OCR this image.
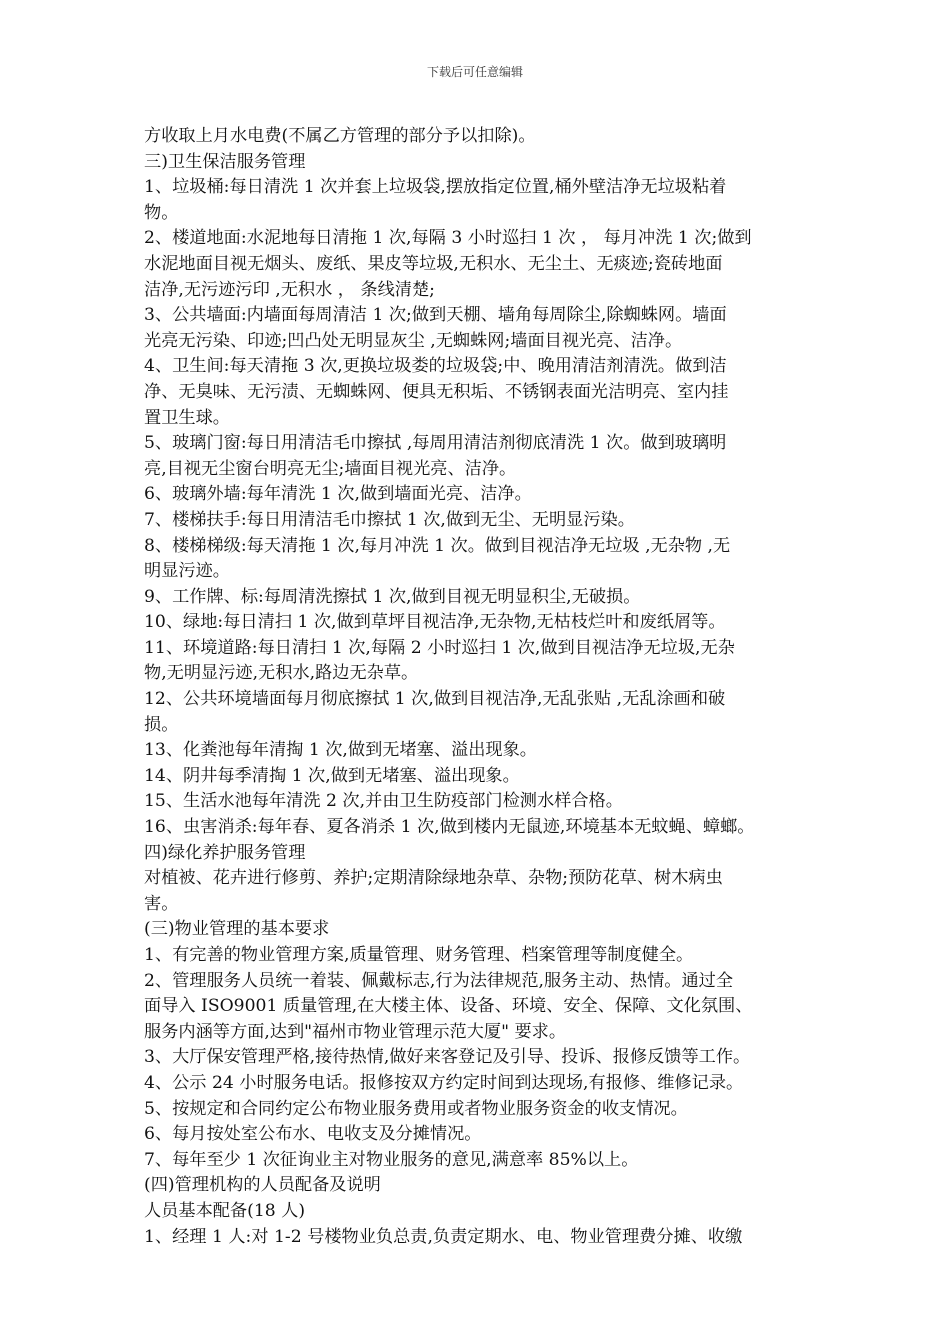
下载后可任意编辑
方收取上月水电费(不属乙方管理的部分予以扣除)。
三)卫生保洁服务管理
1、垃圾桶:每日清洗 1 次并套上垃圾袋,摆放指定位置,桶外壁洁净无垃圾粘着
物。
2、楼道地面:水泥地每日清拖 1 次,每隔 3 小时巡扫 1 次 ， 每月冲洗 1 次;做到
水泥地面目视无烟头、废纸、果皮等垃圾,无积水、无尘土、无痰迹;瓷砖地面
洁净,无污迹污印 ,无积水 ， 条线清楚;
3、公共墙面:内墙面每周清洁 1 次;做到天棚、墙角每周除尘,除蜘蛛网。墙面
光亮无污染、印迹;凹凸处无明显灰尘 ,无蜘蛛网;墙面目视光亮、洁净。
4、卫生间:每天清拖 3 次,更换垃圾娄的垃圾袋;中、晚用清洁剂清洗。做到洁
净、无臭味、无污渍、无蜘蛛网、便具无积垢、不锈钢表面光洁明亮、室内挂
置卫生球。
5、玻璃门窗:每日用清洁毛巾擦拭 ,每周用清洁剂彻底清洗 1 次。做到玻璃明
亮,目视无尘窗台明亮无尘;墙面目视光亮、洁净。
6、玻璃外墙:每年清洗 1 次,做到墙面光亮、洁净。
7、楼梯扶手:每日用清洁毛巾擦拭 1 次,做到无尘、无明显污染。
8、楼梯梯级:每天清拖 1 次,每月冲洗 1 次。做到目视洁净无垃圾 ,无杂物 ,无
明显污迹。
9、工作牌、标:每周清洗擦拭 1 次,做到目视无明显积尘,无破损。
10、绿地:每日清扫 1 次,做到草坪目视洁净,无杂物,无枯枝烂叶和废纸屑等。
11、环境道路:每日清扫 1 次,每隔 2 小时巡扫 1 次,做到目视洁净无垃圾,无杂
物,无明显污迹,无积水,路边无杂草。
12、公共环境墙面每月彻底擦拭 1 次,做到目视洁净,无乱张贴 ,无乱涂画和破
损。
13、化粪池每年清掏 1 次,做到无堵塞、溢出现象。
14、阴井每季清掏 1 次,做到无堵塞、溢出现象。
15、生活水池每年清洗 2 次,并由卫生防疫部门检测水样合格。
16、虫害消杀:每年春、夏各消杀 1 次,做到楼内无鼠迹,环境基本无蚊蝇、蟑螂。
四)绿化养护服务管理
对植被、花卉进行修剪、养护;定期清除绿地杂草、杂物;预防花草、树木病虫
害。
(三)物业管理的基本要求
1、有完善的物业管理方案,质量管理、财务管理、档案管理等制度健全。
2、管理服务人员统一着装、佩戴标志,行为法律规范,服务主动、热情。通过全
面导入 ISO9001 质量管理,在大楼主体、设备、环境、安全、保障、文化氛围、
服务内涵等方面,达到"福州市物业管理示范大厦" 要求。
3、大厅保安管理严格,接待热情,做好来客登记及引导、投诉、报修反馈等工作。
4、公示 24 小时服务电话。报修按双方约定时间到达现场,有报修、维修记录。
5、按规定和合同约定公布物业服务费用或者物业服务资金的收支情况。
6、每月按处室公布水、电收支及分摊情况。
7、每年至少 1 次征询业主对物业服务的意见,满意率 85%以上。
(四)管理机构的人员配备及说明
人员基本配备(18 人)
1、经理 1 人:对 1-2 号楼物业负总责,负责定期水、电、物业管理费分摊、收缴
